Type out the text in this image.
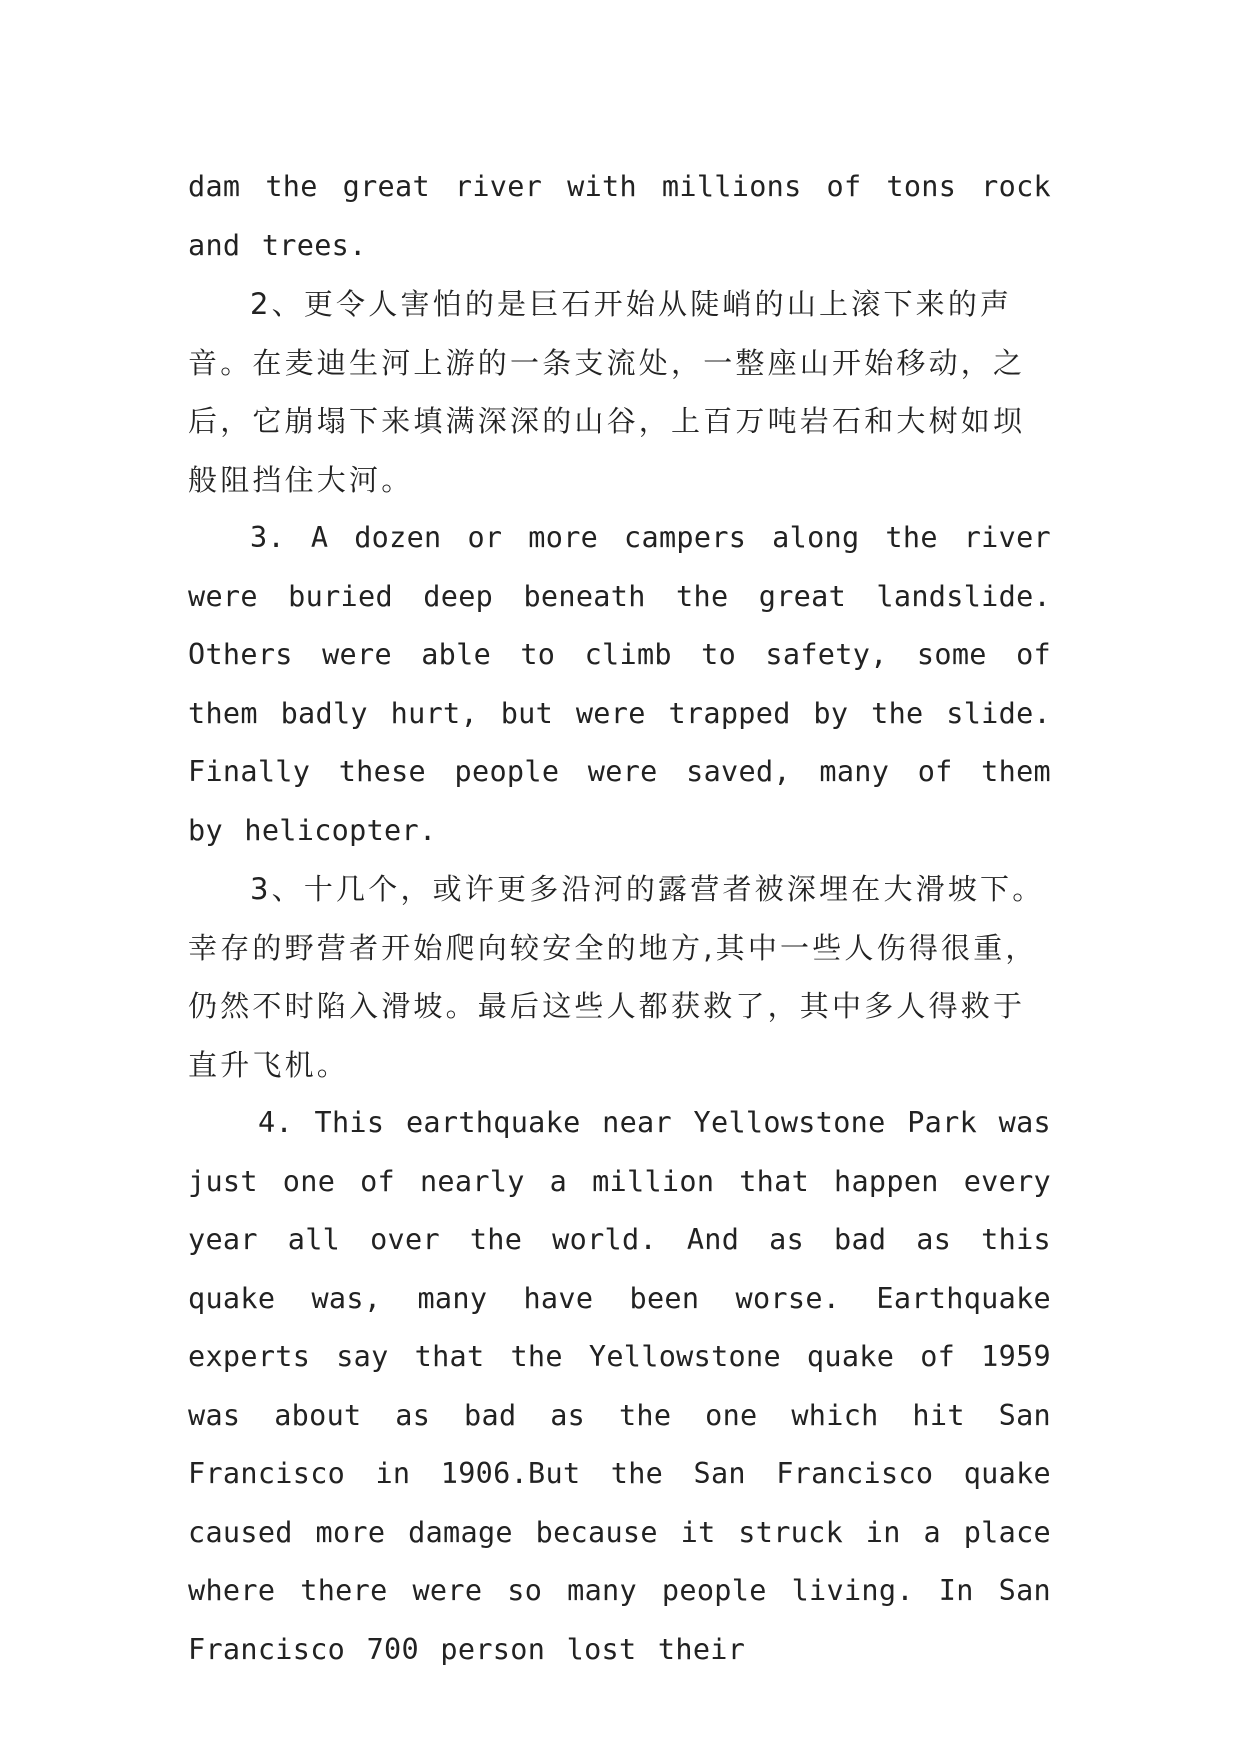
dam the great river with millions of tons rock and trees.

2、更令人害怕的是巨石开始从陡峭的山上滚下来的声音。在麦迪生河上游的一条支流处，一整座山开始移动，之后，它崩塌下来填满深深的山谷，上百万吨岩石和大树如坝般阻挡住大河。

3. A dozen or more campers along the river were buried deep beneath the great landslide. Others were able to climb to safety, some of them badly hurt, but were trapped by the slide. Finally these people were saved, many of them by helicopter.

3、十几个，或许更多沿河的露营者被深埋在大滑坡下。幸存的野营者开始爬向较安全的地方,其中一些人伤得很重，仍然不时陷入滑坡。最后这些人都获救了，其中多人得救于直升飞机。

4. This earthquake near Yellowstone Park was just one of nearly a million that happen every year all over the world. And as bad as this quake was, many have been worse. Earthquake experts say that the Yellowstone quake of 1959 was about as bad as the one which hit San Francisco in 1906.But the San Francisco quake caused more damage because it struck in a place where there were so many people living. In San Francisco 700 person lost their
